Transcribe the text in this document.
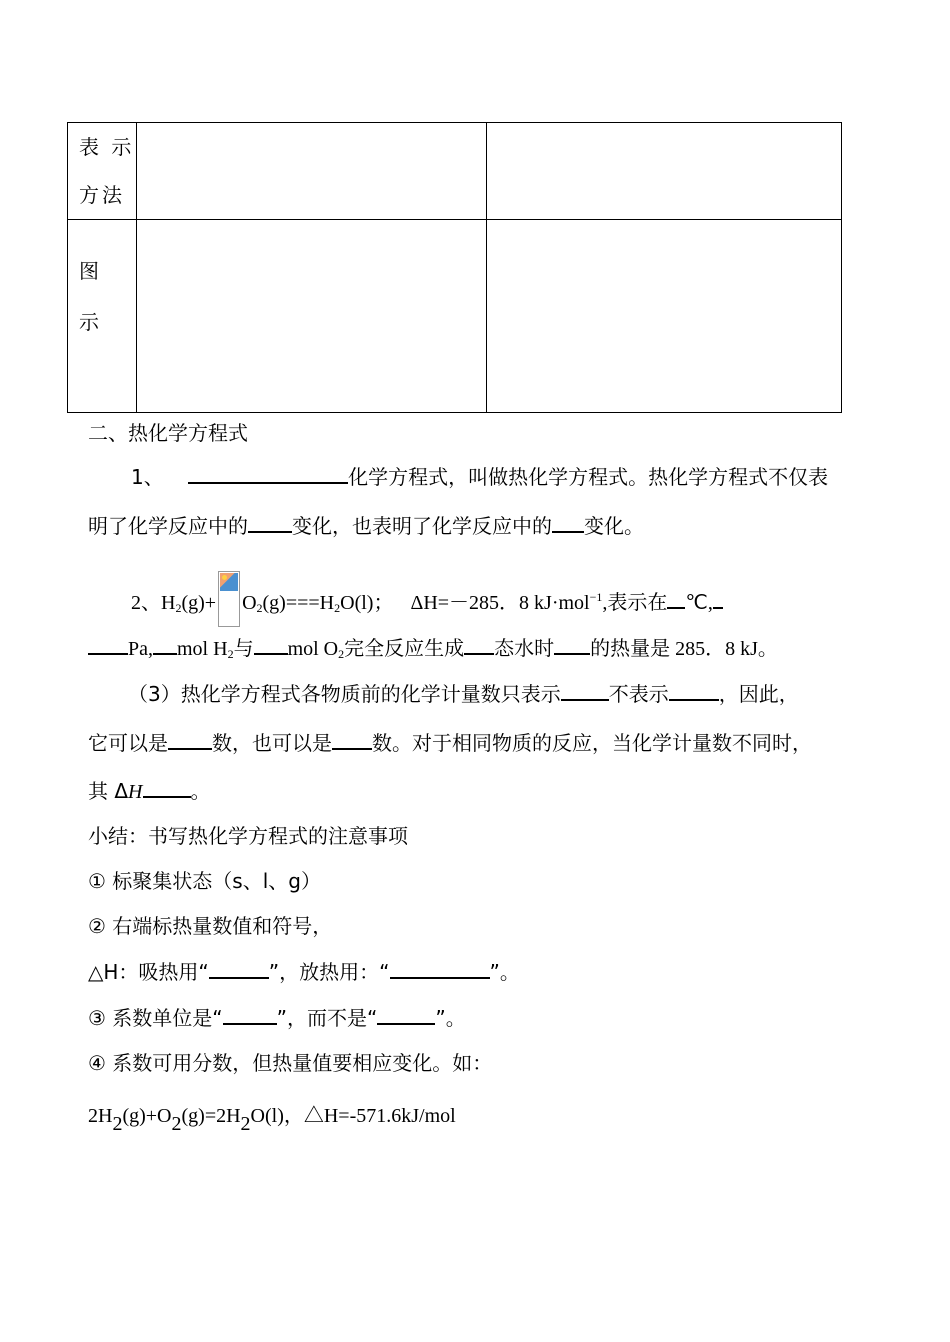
表 示
方法		

图
示		

二、热化学方程式
1、	化学方程式，叫做热化学方程式。热化学方程式不仅表
明了化学反应中的 变化，也表明了化学反应中的 变化。
2、$H_2(g)+ O_2(g)===H_2O(l)$； ΔH=－285．8 kJ·mol$^{-1}$,表示在 ℃,
Pa, mol $H_2$与 mol $O_2$完全反应生成 态水时 的热量是 285．8 kJ。
（3）热化学方程式各物质前的化学计量数只表示 不表示	，因此，
它可以是 数，也可以是 数。对于相同物质的反应，当化学计量数不同时，
其 ΔH 。
小结：书写热化学方程式的注意事项
① 标聚集状态（s、l、g）
② 右端标热量数值和符号，
△H：吸热用“	”，放热用：“	”。
③ 系数单位是“	”，而不是“	”。
④ 系数可用分数，但热量值要相应变化。如：
2H2(g)+O2(g)=2H2O(l)，△H=-571.6kJ/mol
